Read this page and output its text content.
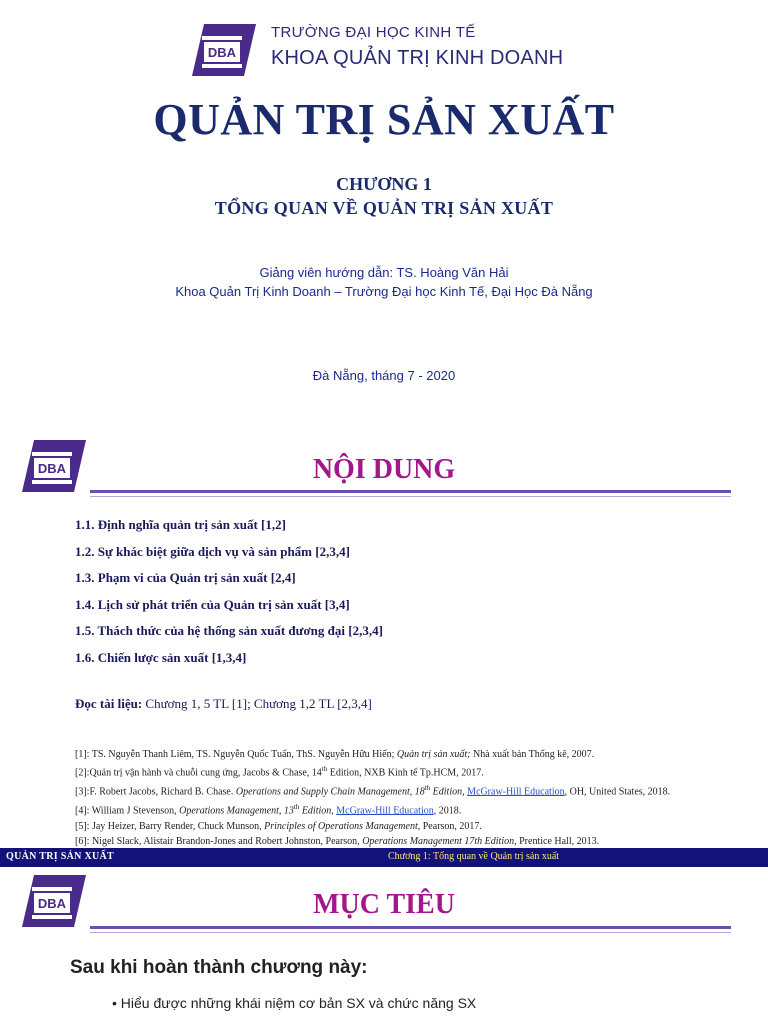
DBA
TRƯỜNG ĐẠI HỌC KINH TẾ
KHOA QUẢN TRỊ KINH DOANH
QUẢN TRỊ SẢN XUẤT
CHƯƠNG 1
TỔNG QUAN VỀ QUẢN TRỊ SẢN XUẤT
Giảng viên hướng dẫn: TS. Hoàng Văn Hải
Khoa Quản Trị Kinh Doanh – Trường Đại học Kinh Tế, Đại Học Đà Nẵng
Đà Nẵng, tháng 7 - 2020
DBA	NỘI DUNG
1.1. Định nghĩa quản trị sản xuất [1,2]
1.2. Sự khác biệt giữa dịch vụ và sản phẩm [2,3,4]
1.3. Phạm vi của Quản trị sản xuất [2,4]
1.4. Lịch sử phát triển của Quản trị sản xuất [3,4]
1.5. Thách thức của hệ thống sản xuất đương đại [2,3,4]
1.6. Chiến lược sản xuất [1,3,4]
Đọc tài liệu: Chương 1, 5 TL [1]; Chương 1,2 TL [2,3,4]
[1]: TS. Nguyễn Thanh Liêm, TS. Nguyễn Quốc Tuấn, ThS. Nguyễn Hữu Hiển; Quản trị sản xuất; Nhà xuất bản Thống kê, 2007.
[2]:Quản trị vận hành và chuỗi cung ứng, Jacobs & Chase, 14th Edition, NXB Kinh tế Tp.HCM, 2017.
[3]:F. Robert Jacobs, Richard B. Chase. Operations and Supply Chain Management, 18th Edition, McGraw-Hill Education, OH, United States, 2018.
[4]: William J Stevenson, Operations Management, 13th Edition, McGraw-Hill Education, 2018.
[5]: Jay Heizer, Barry Render, Chuck Munson, Principles of Operations Management, Pearson, 2017.
[6]: Nigel Slack, Alistair Brandon-Jones and Robert Johnston, Pearson, Operations Management 17th Edition, Prentice Hall, 2013.
QUẢN TRỊ SẢN XUẤT	Chương 1: Tổng quan về Quản trị sản xuất
DBA	MỤC TIÊU
Sau khi hoàn thành chương này:
• Hiểu được những khái niệm cơ bản SX và chức năng SX
